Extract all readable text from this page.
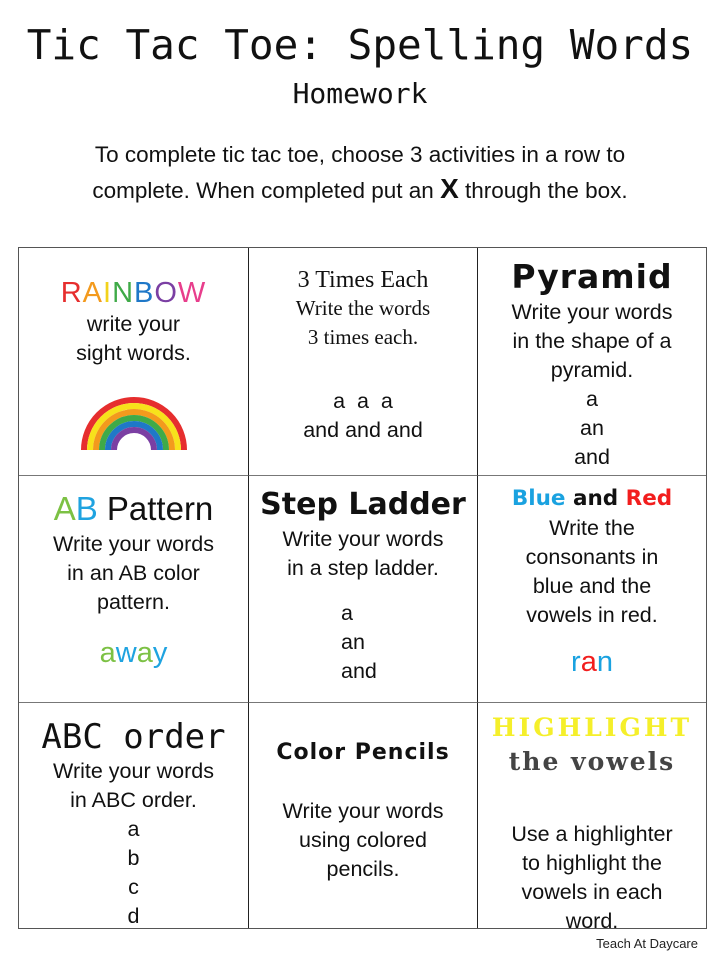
Tic Tac Toe: Spelling Words
Homework
To complete tic tac toe, choose 3 activities in a row to
complete. When completed put an X through the box.
RAINBOW
write your
sight words.
3 Times Each
Write the words
3 times each.
a  a  a
and and and
Pyramid
Write your words
in the shape of a
pyramid.
a
an
and
AB Pattern
Write your words
in an AB color
pattern.
away
Step Ladder
Write your words
in a step ladder.
a
an
and
Blue and Red
Write the
consonants in
blue and the
vowels in red.
ran
ABC order
Write your words
in ABC order.
a
b
c
d
Color Pencils
Write your words
using colored
pencils.
HIGHLIGHT
the vowels
Use a highlighter
to highlight the
vowels in each
word.
Teach At Daycare
